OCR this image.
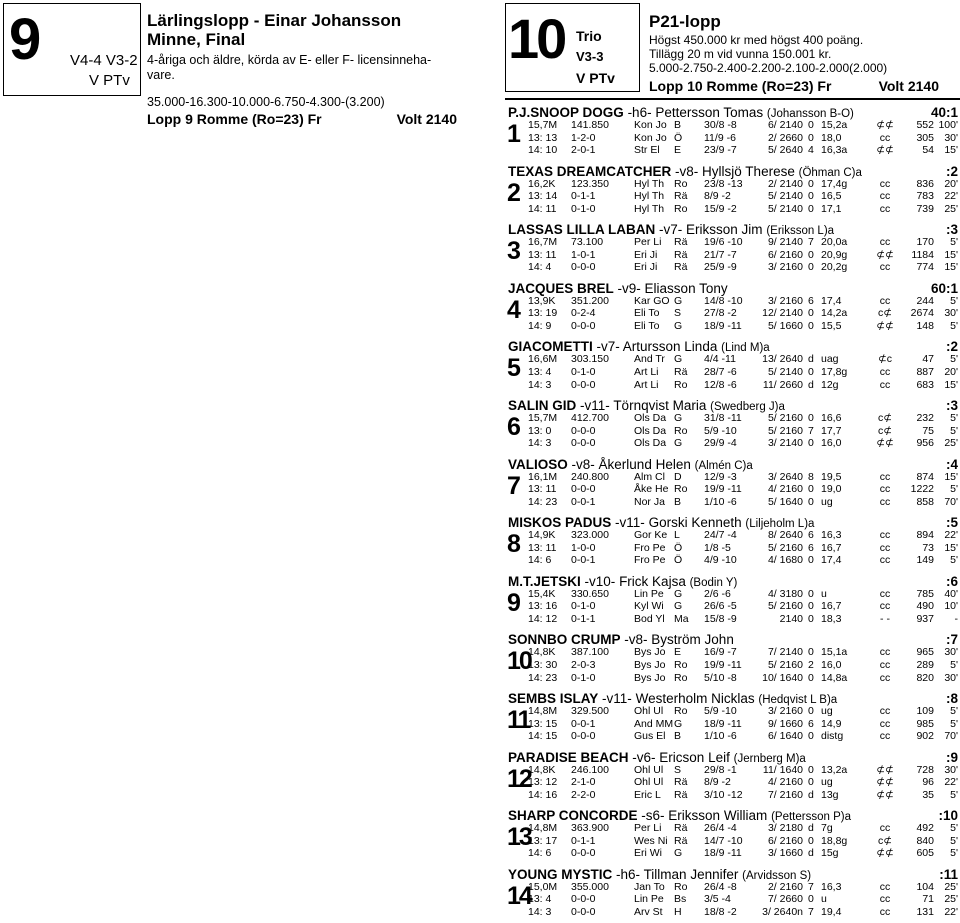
9 V4-4 V3-2
V PTv
Lärlingslopp - Einar Johansson Minne, Final
4-åriga och äldre, körda av E- eller F- licensinneha- vare.
35.000-16.300-10.000-6.750-4.300-(3.200)
Lopp 9 Romme (Ro=23) Fr	Volt 2140
10 Trio
V3-3
V PTv
P21-lopp
Högst 450.000 kr med högst 400 poäng.
Tillägg 20 m vid vunna 150.001 kr.
5.000-2.750-2.400-2.200-2.100-2.000(2.000)
Lopp 10 Romme (Ro=23) Fr	Volt 2140
P.J.SNOOP DOGG -h6- Pettersson Tomas (Johansson B-O)	40:1
1 15,7M 141.850 Kon Jo B 30/8 -8	6/ 2140 0 15,2a	⊄⊄	552 100'
13: 13 1-2-0	Kon Jo Ö 11/9 -6	2/ 2660 0 18,0	cc	305 30'
14: 10 2-0-1	Str El E 23/9 -7	5/ 2640 4 16,3a	⊄⊄	54 15'
TEXAS DREAMCATCHER -v8- Hyllsjö Therese (Öhman C)a	:2
2 16,2K 123.350 Hyl Th Ro 23/8 -13	2/ 2140 0 17,4g	cc	836 20'
13: 14 0-1-1	Hyl Th Rä 8/9 -2	5/ 2140 0 16,5	cc	783 22'
14: 11 0-1-0	Hyl Th Ro 15/9 -2	5/ 2140 0 17,1	cc	739 25'
LASSAS LILLA LABAN -v7- Eriksson Jim (Eriksson L)a	:3
3 16,7M 73.100	Per Li Rä 19/6 -10	9/ 2140 7 20,0a	cc	170	5'
13: 11 1-0-1	Eri Ji Rä 21/7 -7	6/ 2160 0 20,9g	⊄⊄	1184 15'
14: 4 0-0-0	Eri Ji Rä 25/9 -9	3/ 2160 0 20,2g	cc	774 15'
JACQUES BREL -v9- Eliasson Tony	60:1
4 13,9K 351.200 Kar GO G 14/8 -10	3/ 2160 6 17,4	cc	244	5'
13: 19 0-2-4	Eli To S 27/8 -2	12/ 2140 0 14,2a	c⊄	2674 30'
14: 9 0-0-0	Eli To G 18/9 -11	5/ 1660 0 15,5	⊄⊄	148	5'
GIACOMETTI -v7- Artursson Linda (Lind M)a	:2
5 16,6M 303.150 And Tr G 4/4 -11	13/ 2640 d uag	⊄c	47	5'
13: 4 0-1-0	Art Li Rä 28/7 -6	5/ 2140 0 17,8g	cc	887 20'
14: 3 0-0-0	Art Li Ro 12/8 -6	11/ 2660 d 12g	cc	683 15'
SALIN GID -v11- Törnqvist Maria (Swedberg J)a	:3
6 15,7M 412.700 Ols Da G 31/8 -11	5/ 2160 0 16,6	c⊄	232	5'
13: 0 0-0-0	Ols Da Ro 5/9 -10	5/ 2160 7 17,7	c⊄	75	5'
14: 3 0-0-0	Ols Da G 29/9 -4	3/ 2140 0 16,0	⊄⊄	956 25'
VALIOSO -v8- Åkerlund Helen (Almén C)a	:4
7 16,1M 240.800 Alm Cl D 12/9 -3	3/ 2640 8 19,5	cc	874 15'
13: 11 0-0-0	Åke He Ro 19/9 -11	4/ 2160 0 19,0	cc	1222	5'
14: 23 0-0-1	Nor Ja B 1/10 -6	5/ 1640 0 ug	cc	858 70'
MISKOS PADUS -v11- Gorski Kenneth (Liljeholm L)a	:5
8 14,9K 323.000 Gor Ke L 24/7 -4	8/ 2640 6 16,3	cc	894 22'
13: 11 1-0-0	Fro Pe Ö 1/8 -5	5/ 2160 6 16,7	cc	73 15'
14: 6 0-0-1	Fro Pe Ö 4/9 -10	4/ 1680 0 17,4	cc	149	5'
M.T.JETSKI -v10- Frick Kajsa (Bodin Y)	:6
9 15,4K 330.650 Lin Pe G 2/6 -6	4/ 3180 0 u	cc	785 40'
13: 16 0-1-0	Kyl Wi G 26/6 -5	5/ 2160 0 16,7	cc	490 10'
14: 12 0-1-1	Bod Yl Ma 15/8 -9	2140 0 18,3	- -	937	-
SONNBO CRUMP -v8- Byström John	:7
10
14,8K 387.100 Bys Jo E 16/9 -7	7/ 2140 0 15,1a	cc	965 30'
13: 30 2-0-3	Bys Jo Ro 19/9 -11	5/ 2160 2 16,0	cc	289	5'
14: 23 0-1-0	Bys Jo Ro 5/10 -8	10/ 1640 0 14,8a	cc	820 30'
SEMBS ISLAY -v11- Westerholm Nicklas (Hedqvist L B)a	:8
11
14,8M 329.500 Ohl Ul Ro 5/9 -10	3/ 2160 0 ug	cc	109	5'
13: 15 0-0-1	And MM G 18/9 -11	9/ 1660 6 14,9	cc	985	5'
14: 15 0-0-0	Gus El B 1/10 -6	6/ 1640 0 distg	cc	902 70'
PARADISE BEACH -v6- Ericson Leif (Jernberg M)a	:9
12
14,8K 246.100 Ohl Ul S 29/8 -1	11/ 1640 0 13,2a	⊄⊄	728 30'
13: 12 2-1-0	Ohl Ul Rä 8/9 -2	4/ 2160 0 ug	⊄⊄	96 22'
14: 16 2-2-0	Eric L Rä 3/10 -12	7/ 2160 d 13g	⊄⊄	35	5'
SHARP CONCORDE -s6- Eriksson William (Pettersson P)a	:10
13
14,8M 363.900 Per Li Rä 26/4 -4	3/ 2180 d 7g	cc	492	5'
13: 17 0-1-1	Wes Ni Rä 14/7 -10	6/ 2160 0 18,8g	c⊄	840	5'
14: 6 0-0-0	Eri Wi G 18/9 -11	3/ 1660 d 15g	⊄⊄	605	5'
YOUNG MYSTIC -h6- Tillman Jennifer (Arvidsson S)	:11
14
15,0M 355.000 Jan To Ro 26/4 -8	2/ 2160 7 16,3	cc	104 25'
13: 4 0-0-0	Lin Pe Bs 3/5 -4	7/ 2660 0 u	cc	71 25'
14: 3 0-0-0	Arv St H 18/8 -2	3/ 2640n 7 19,4	cc	131 22'
